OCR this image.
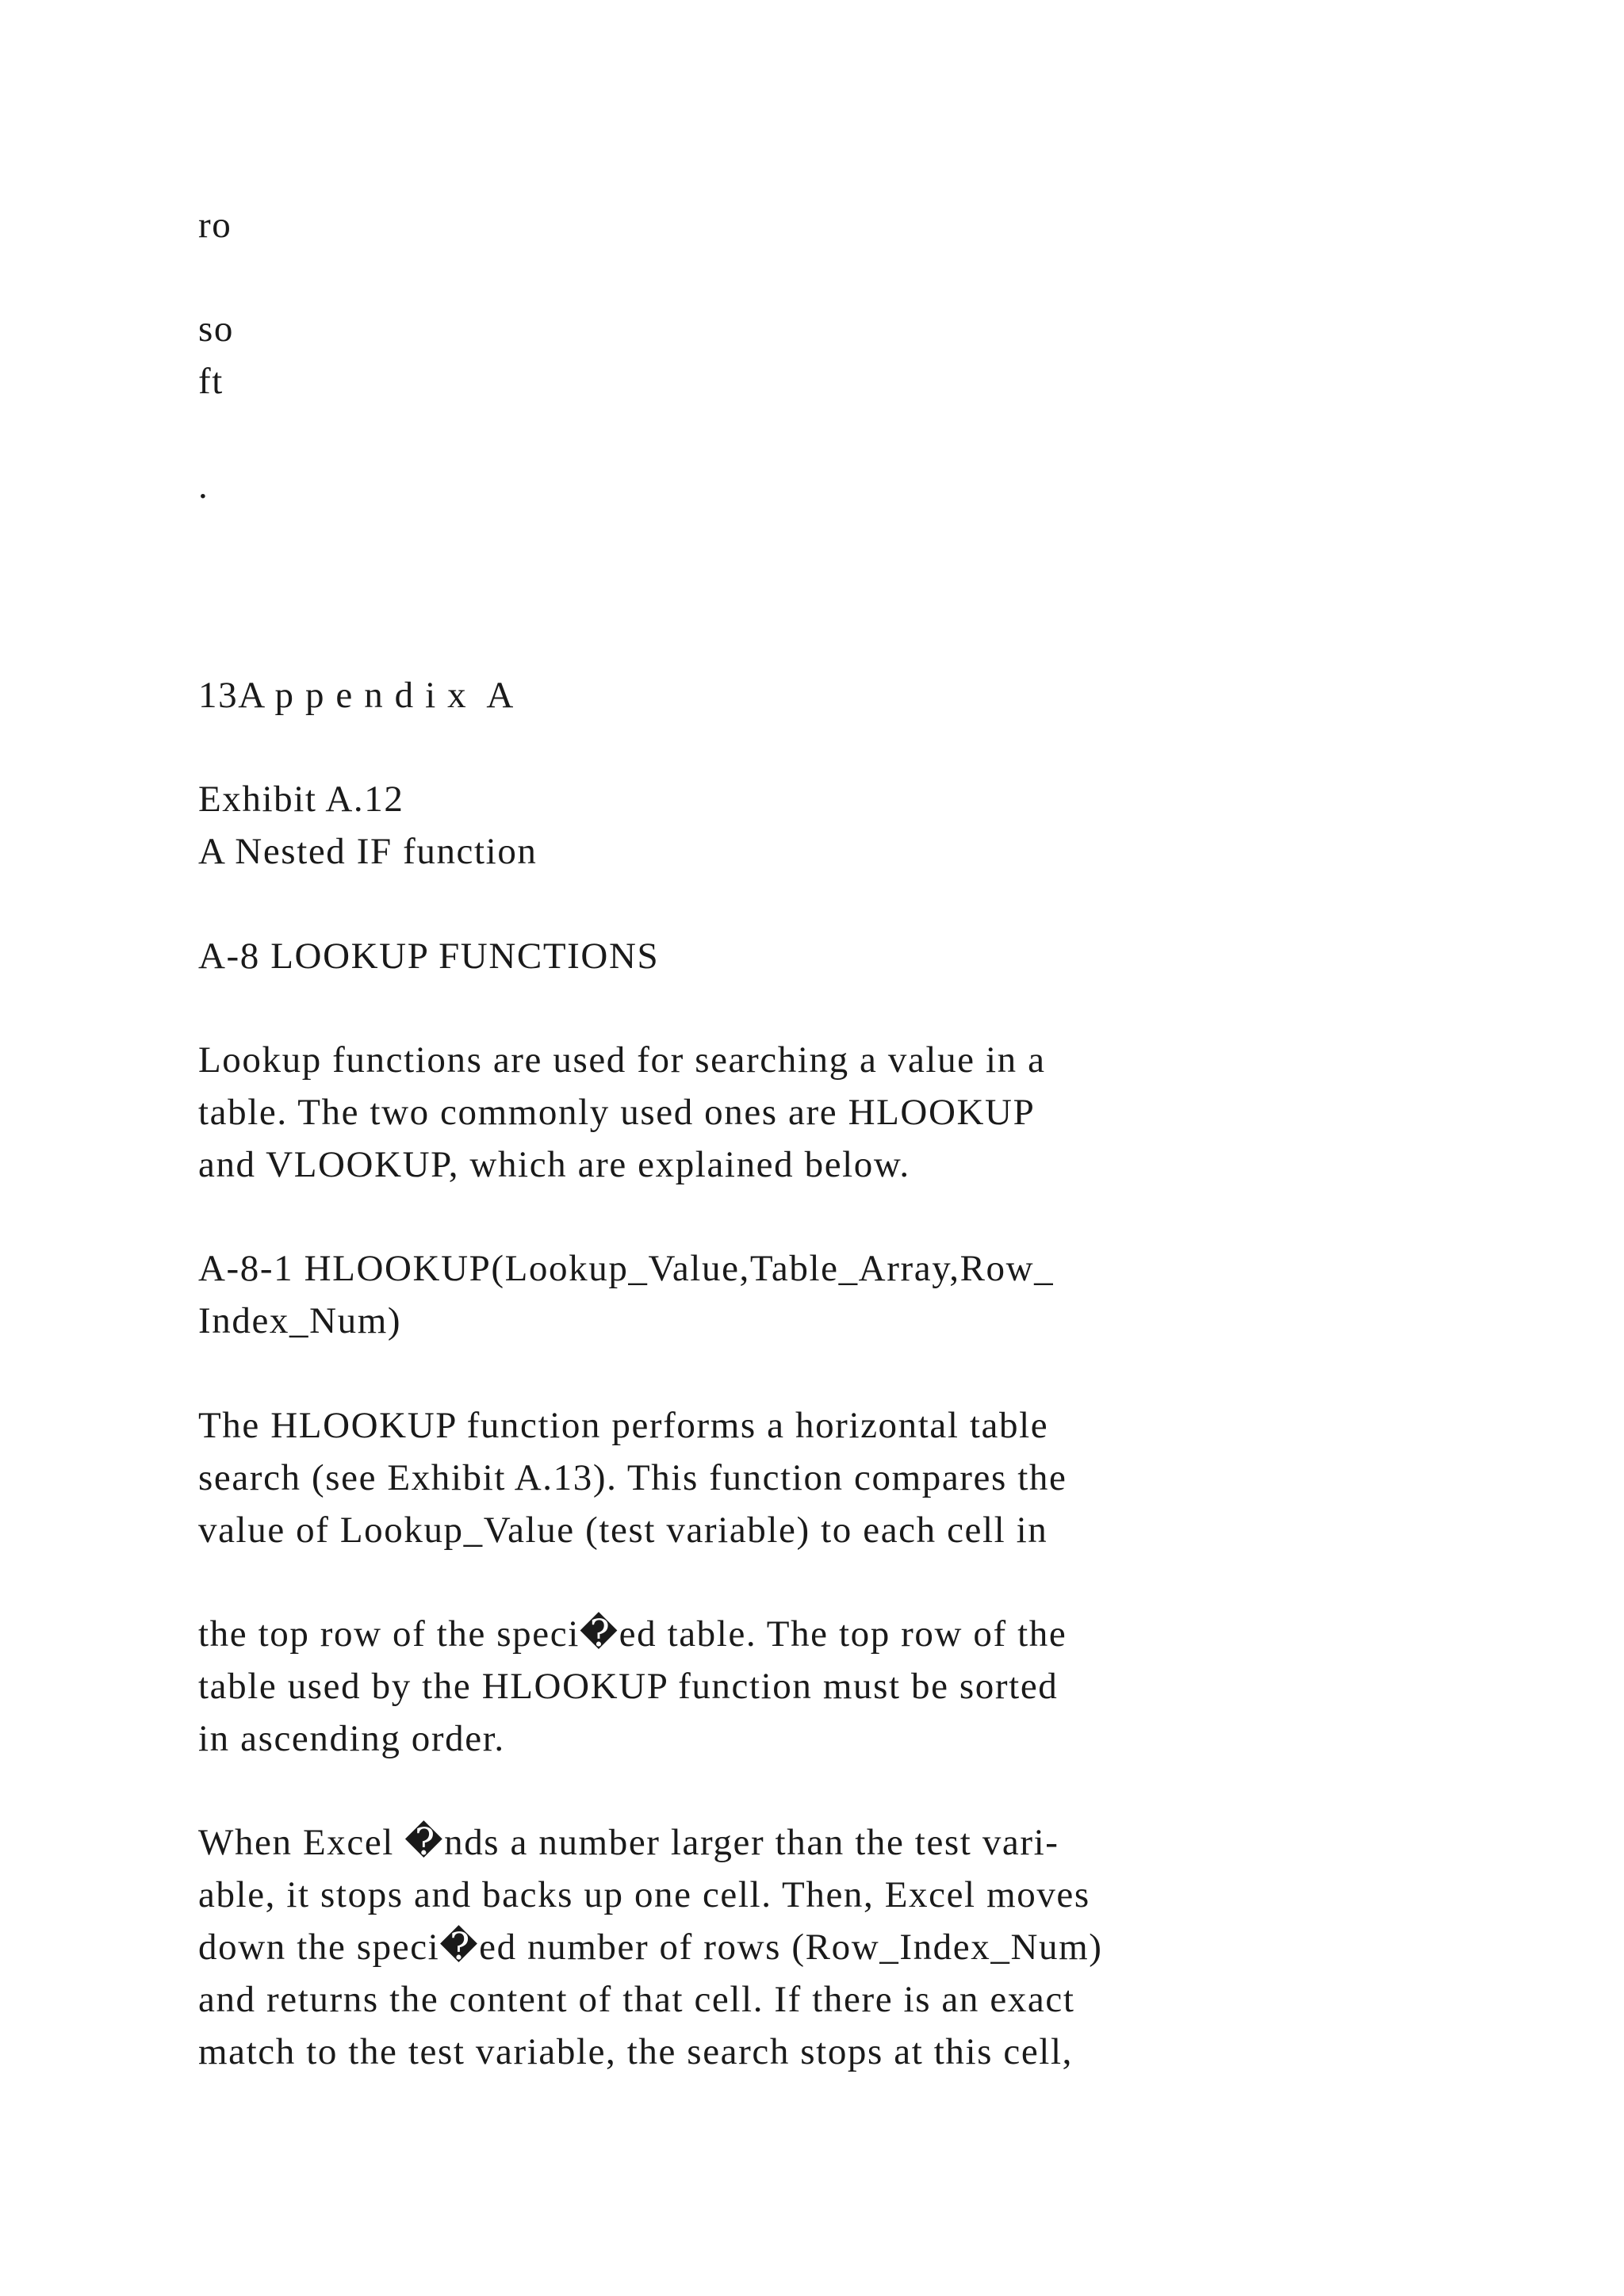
ro
so
ft
.
13A p p e n d i x  A
Exhibit A.12
A Nested IF function
A-8 LOOKUP FUNCTIONS
Lookup functions are used for searching a value in a
table. The two commonly used ones are HLOOKUP
and VLOOKUP, which are explained below.
A-8-1 HLOOKUP(Lookup_Value,Table_Array,Row_
Index_Num)
The HLOOKUP function performs a horizontal table
search (see Exhibit A.13). This function compares the
value of Lookup_Value (test variable) to each cell in
the top row of the speci�ed table. The top row of the
table used by the HLOOKUP function must be sorted
in ascending order.
When Excel �nds a number larger than the test vari-
able, it stops and backs up one cell. Then, Excel moves
down the speci�ed number of rows (Row_Index_Num)
and returns the content of that cell. If there is an exact
match to the test variable, the search stops at this cell,
